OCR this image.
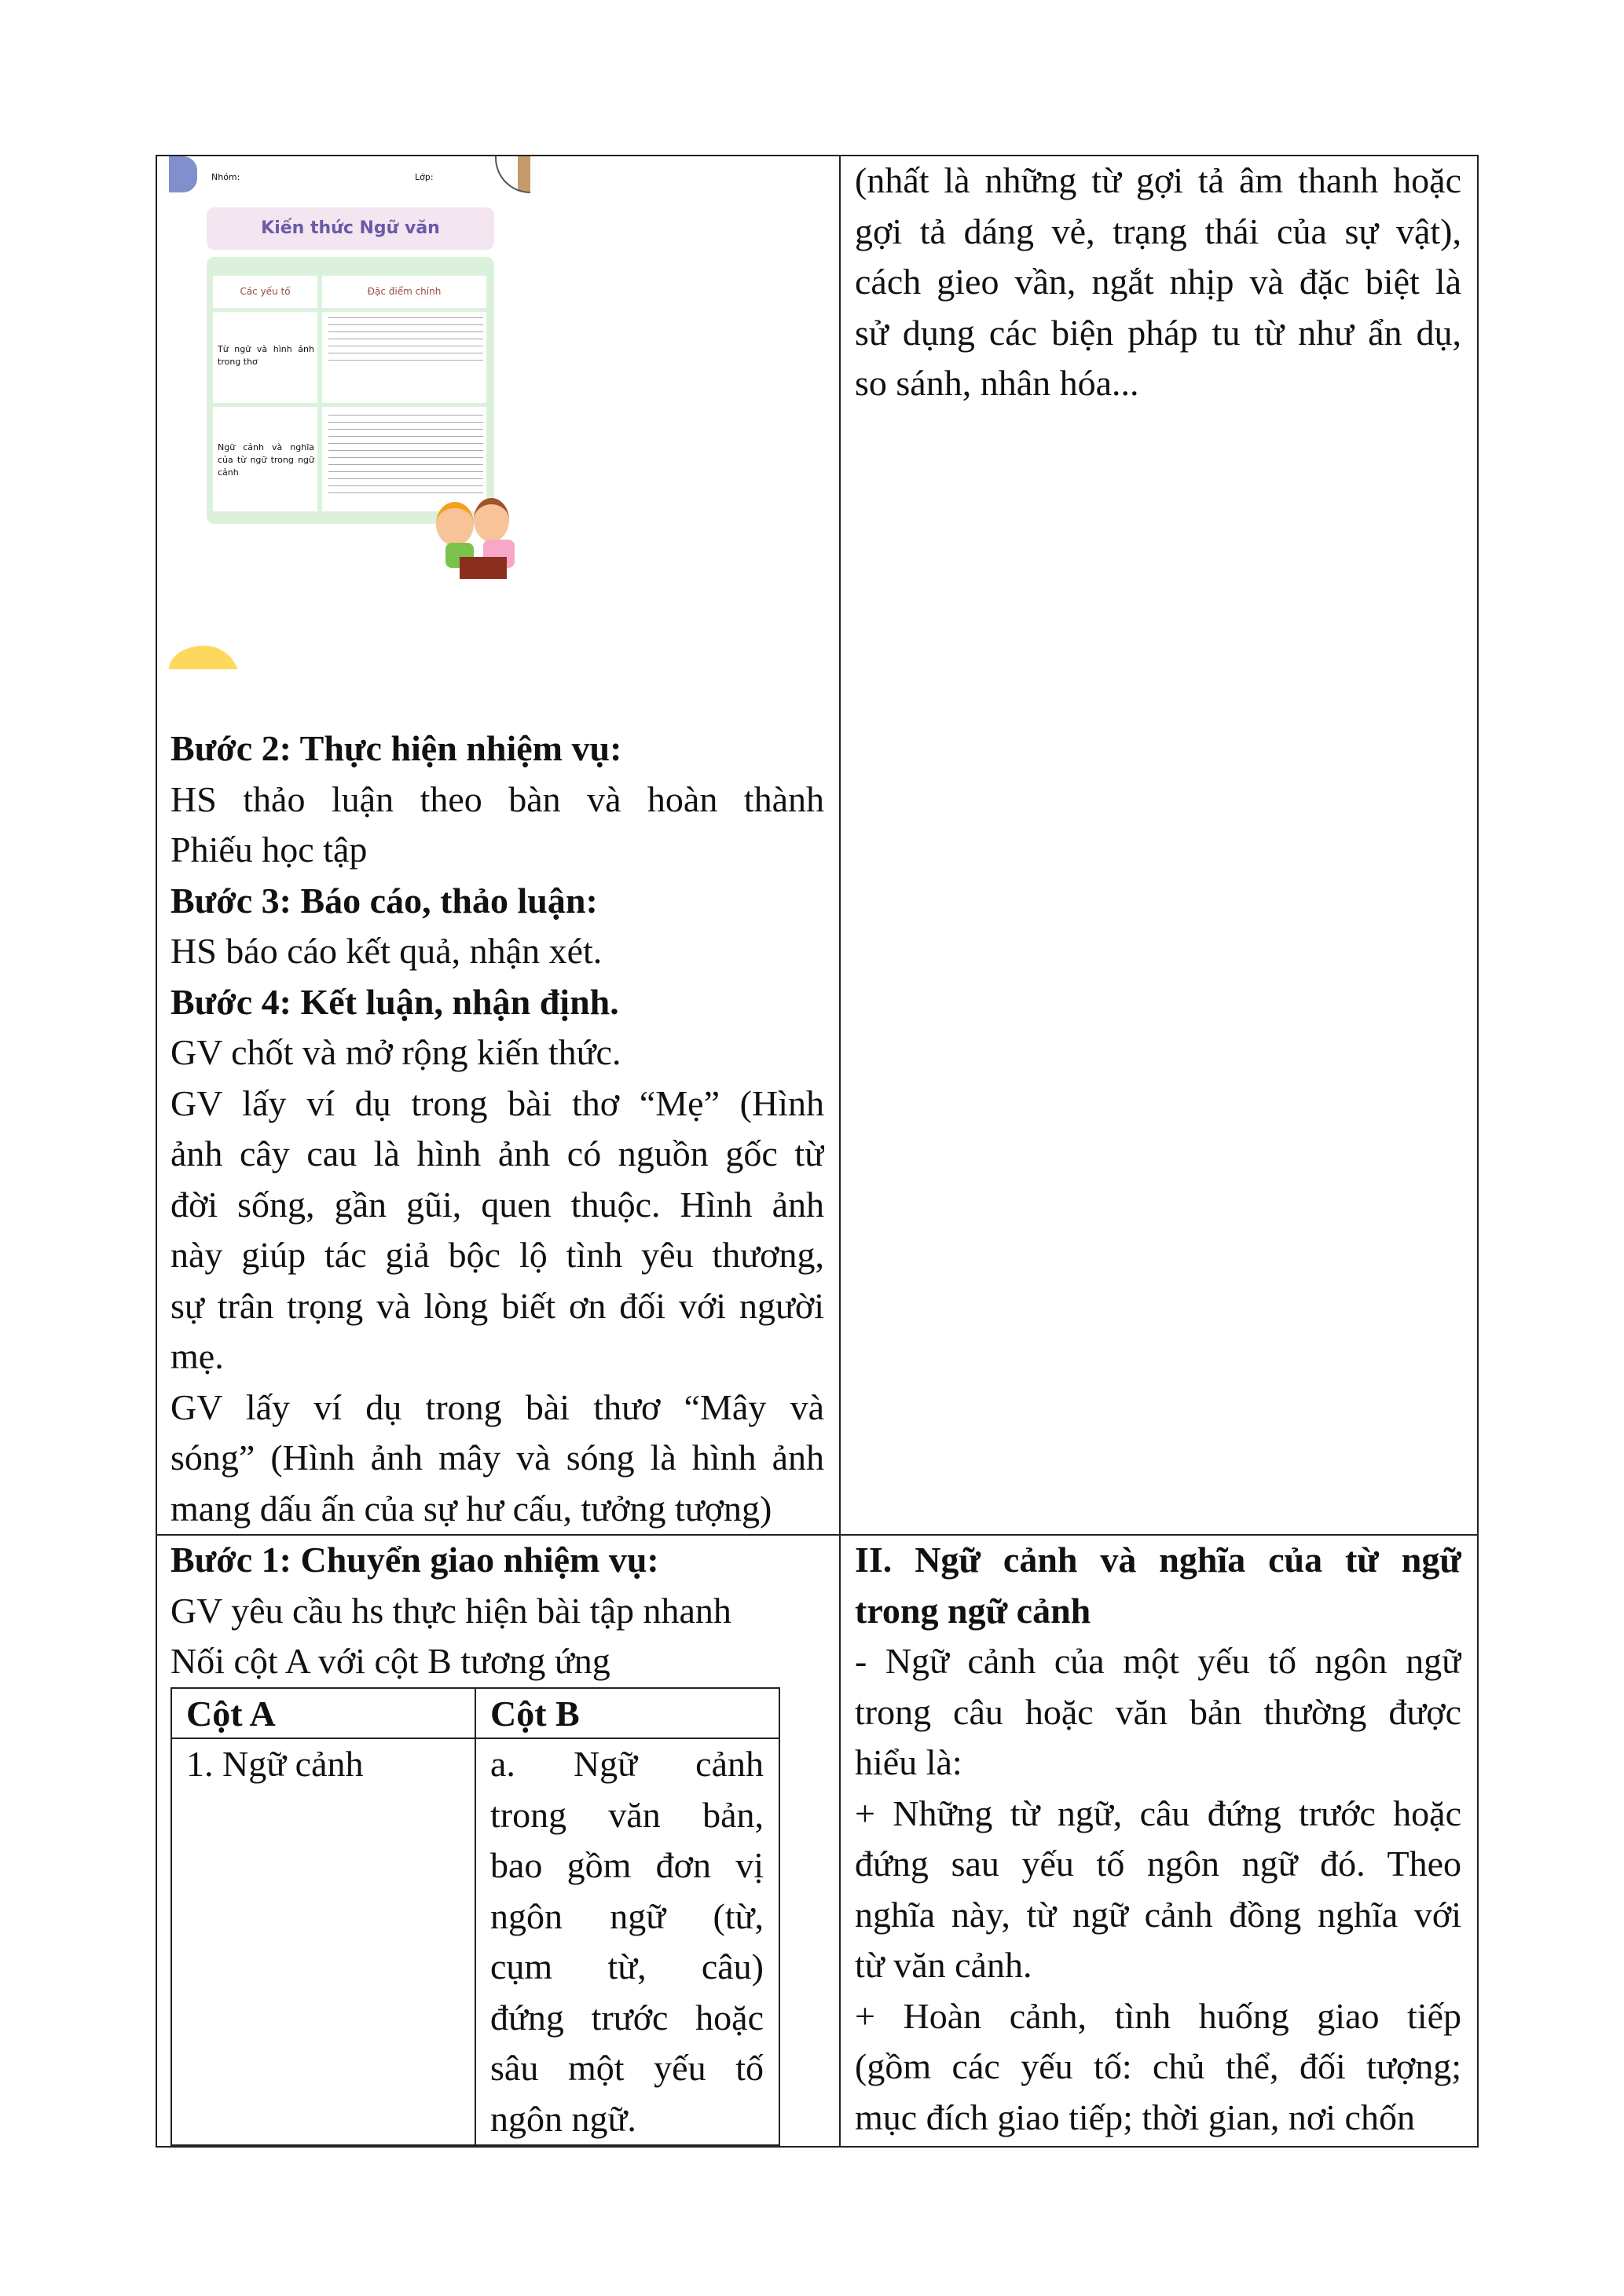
Nhóm:	Lớp:
Kiến thức Ngữ văn
Các yếu tố	Đặc điểm chính
Từ ngữ và hình ảnh trong thơ
Ngữ cảnh và nghĩa của từ ngữ trong ngữ cảnh
Bước 2: Thực hiện nhiệm vụ:
HS thảo luận theo bàn và hoàn thành
Phiếu học tập
Bước 3: Báo cáo, thảo luận:
HS báo cáo kết quả, nhận xét.
Bước 4: Kết luận, nhận định.
GV chốt và mở rộng kiến thức.
GV lấy ví dụ trong bài thơ “Mẹ” (Hình
ảnh cây cau là hình ảnh có nguồn gốc từ
đời sống, gần gũi, quen thuộc. Hình ảnh
này giúp tác giả bộc lộ tình yêu thương,
sự trân trọng và lòng biết ơn đối với người
mẹ.
GV lấy ví dụ trong bài thươ “Mây và
sóng” (Hình ảnh mây và sóng là hình ảnh
mang dấu ấn của sự hư cấu, tưởng tượng)
(nhất là những từ gợi tả âm thanh hoặc
gợi tả dáng vẻ, trạng thái của sự vật),
cách gieo vần, ngắt nhịp và đặc biệt là
sử dụng các biện pháp tu từ như ẩn dụ,
so sánh, nhân hóa...
Bước 1: Chuyển giao nhiệm vụ:
GV yêu cầu hs thực hiện bài tập nhanh
Nối cột A với cột B tương ứng
II. Ngữ cảnh và nghĩa của từ ngữ
trong ngữ cảnh
- Ngữ cảnh của một yếu tố ngôn ngữ
trong câu hoặc văn bản thường được
hiểu là:
+ Những từ ngữ, câu đứng trước hoặc
đứng sau yếu tố ngôn ngữ đó. Theo
nghĩa này, từ ngữ cảnh đồng nghĩa với
từ văn cảnh.
+ Hoàn cảnh, tình huống giao tiếp
(gồm các yếu tố: chủ thể, đối tượng;
mục đích giao tiếp; thời gian, nơi chốn
Cột A	Cột B
1. Ngữ cảnh	a. Ngữ cảnh
trong văn bản,
bao gồm đơn vị
ngôn ngữ (từ,
cụm từ, câu)
đứng trước hoặc
sâu một yếu tố
ngôn ngữ.
